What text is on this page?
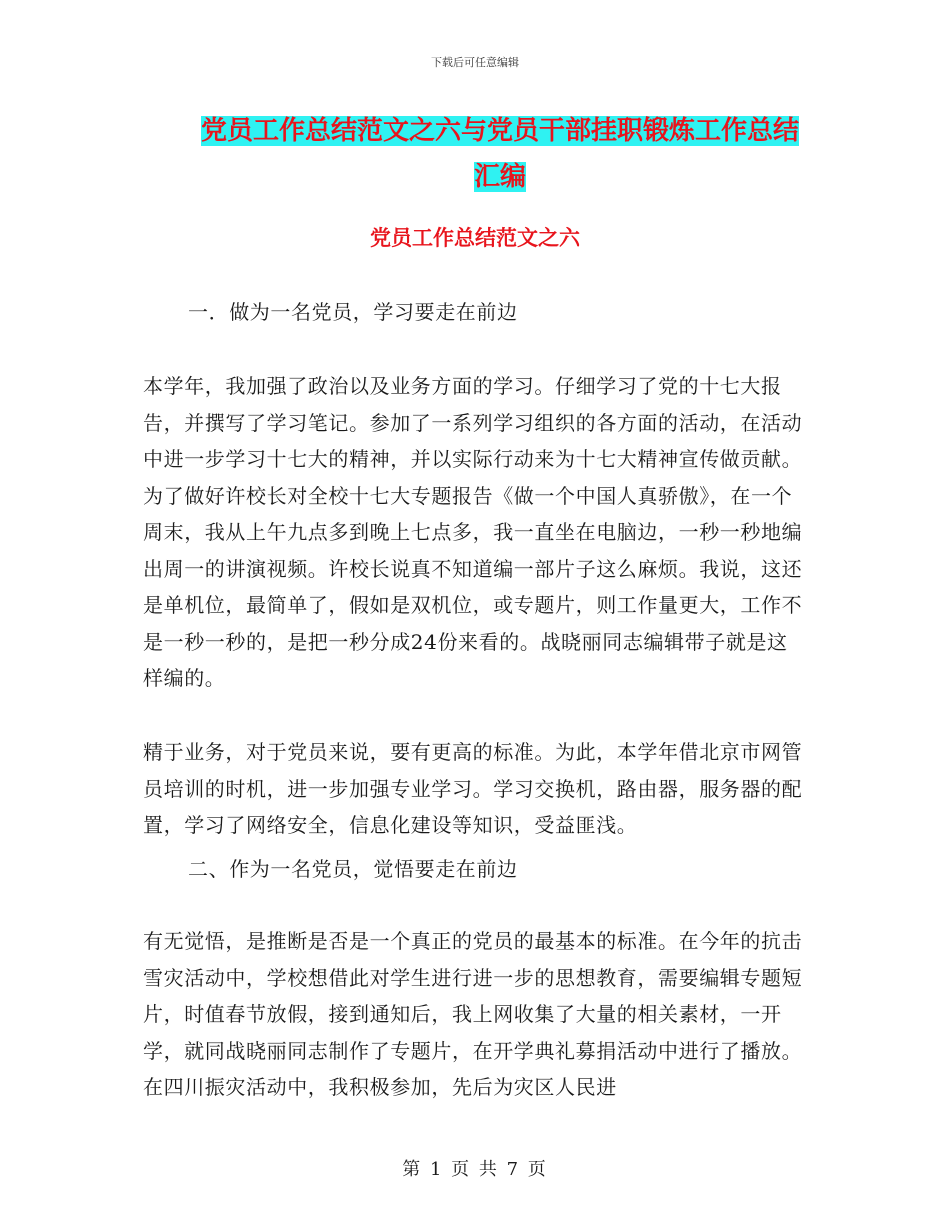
下载后可任意编辑
党员工作总结范文之六与党员干部挂职锻炼工作总结汇编
党员工作总结范文之六

一．做为一名党员，学习要走在前边

本学年，我加强了政治以及业务方面的学习。仔细学习了党的十七大报告，并撰写了学习笔记。参加了一系列学习组织的各方面的活动，在活动中进一步学习十七大的精神，并以实际行动来为十七大精神宣传做贡献。为了做好许校长对全校十七大专题报告《做一个中国人真骄傲》，在一个周末，我从上午九点多到晚上七点多，我一直坐在电脑边，一秒一秒地编出周一的讲演视频。许校长说真不知道编一部片子这么麻烦。我说，这还是单机位，最简单了，假如是双机位，或专题片，则工作量更大，工作不是一秒一秒的，是把一秒分成24份来看的。战晓丽同志编辑带子就是这样编的。

精于业务，对于党员来说，要有更高的标准。为此，本学年借北京市网管员培训的时机，进一步加强专业学习。学习交换机，路由器，服务器的配置，学习了网络安全，信息化建设等知识，受益匪浅。

二、作为一名党员，觉悟要走在前边

有无觉悟，是推断是否是一个真正的党员的最基本的标准。在今年的抗击雪灾活动中，学校想借此对学生进行进一步的思想教育，需要编辑专题短片，时值春节放假，接到通知后，我上网收集了大量的相关素材，一开学，就同战晓丽同志制作了专题片，在开学典礼募捐活动中进行了播放。在四川振灾活动中，我积极参加，先后为灾区人民进

第 1 页 共 7 页
